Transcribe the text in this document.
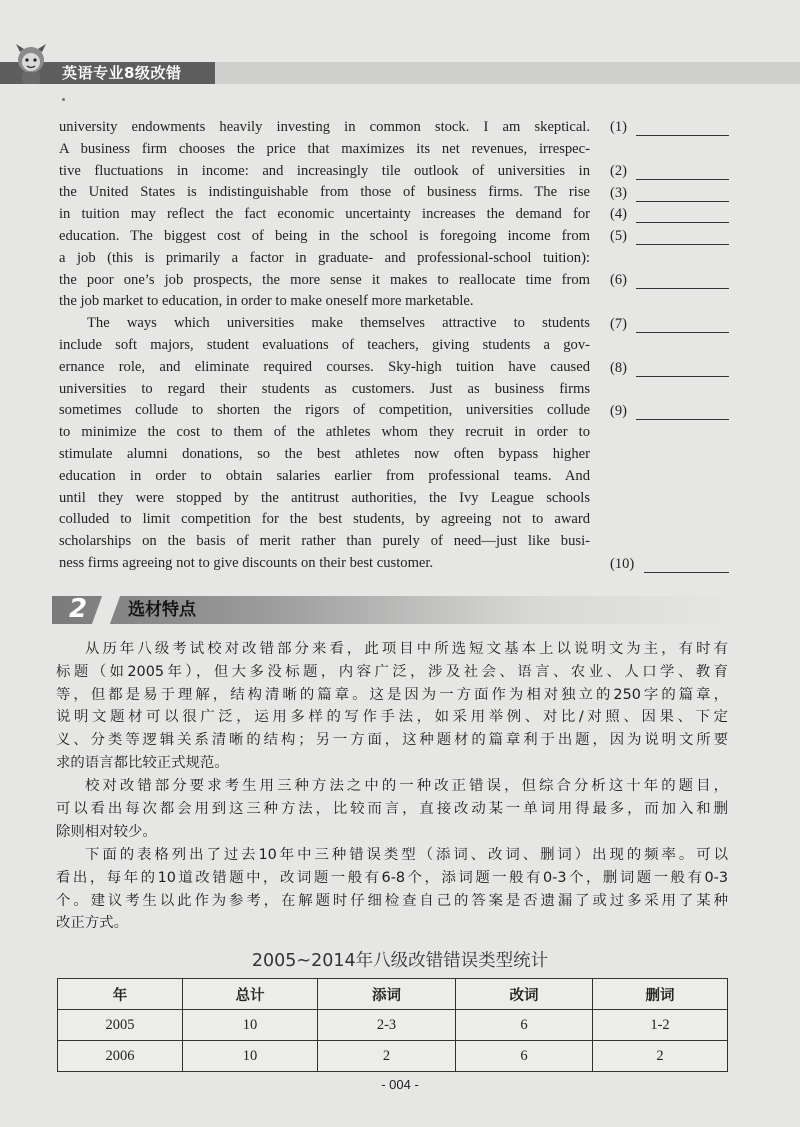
英语专业8级改错
university endowments heavily investing in common stock. I am skeptical.
A business firm chooses the price that maximizes its net revenues, irrespec-
tive fluctuations in income: and increasingly tile outlook of universities in
the United States is indistinguishable from those of business firms. The rise
in tuition may reflect the fact economic uncertainty increases the demand for
education. The biggest cost of being in the school is foregoing income from
a job (this is primarily a factor in graduate- and professional-school tuition):
the poor one’s job prospects, the more sense it makes to reallocate time from
the job market to education, in order to make oneself more marketable.
The ways which universities make themselves attractive to students
include soft majors, student evaluations of teachers, giving students a gov-
ernance role, and eliminate required courses. Sky-high tuition have caused
universities to regard their students as customers. Just as business firms
sometimes collude to shorten the rigors of competition, universities collude
to minimize the cost to them of the athletes whom they recruit in order to
stimulate alumni donations, so the best athletes now often bypass higher
education in order to obtain salaries earlier from professional teams. And
until they were stopped by the antitrust authorities, the Ivy League schools
colluded to limit competition for the best students, by agreeing not to award
scholarships on the basis of merit rather than purely of need—just like busi-
ness firms agreeing not to give discounts on their best customer.
(1)
(2)
(3)
(4)
(5)
(6)
(7)
(8)
(9)
(10)
2	选材特点
从历年八级考试校对改错部分来看，此项目中所选短文基本上以说明文为主，有时有
标题（如2005年），但大多没标题，内容广泛，涉及社会、语言、农业、人口学、教育
等，但都是易于理解，结构清晰的篇章。这是因为一方面作为相对独立的250字的篇章，
说明文题材可以很广泛，运用多样的写作手法，如采用举例、对比/对照、因果、下定
义、分类等逻辑关系清晰的结构；另一方面，这种题材的篇章利于出题，因为说明文所要
求的语言都比较正式规范。
校对改错部分要求考生用三种方法之中的一种改正错误，但综合分析这十年的题目，
可以看出每次都会用到这三种方法，比较而言，直接改动某一单词用得最多，而加入和删
除则相对较少。
下面的表格列出了过去10年中三种错误类型（添词、改词、删词）出现的频率。可以
看出，每年的10道改错题中，改词题一般有6-8个，添词题一般有0-3个，删词题一般有0-3
个。建议考生以此作为参考，在解题时仔细检查自己的答案是否遗漏了或过多采用了某种
改正方式。
2005~2014年八级改错错误类型统计
年	总计	添词	改词	删词
2005	10	2-3	6	1-2
2006	10	2	6	2
- 004 -
